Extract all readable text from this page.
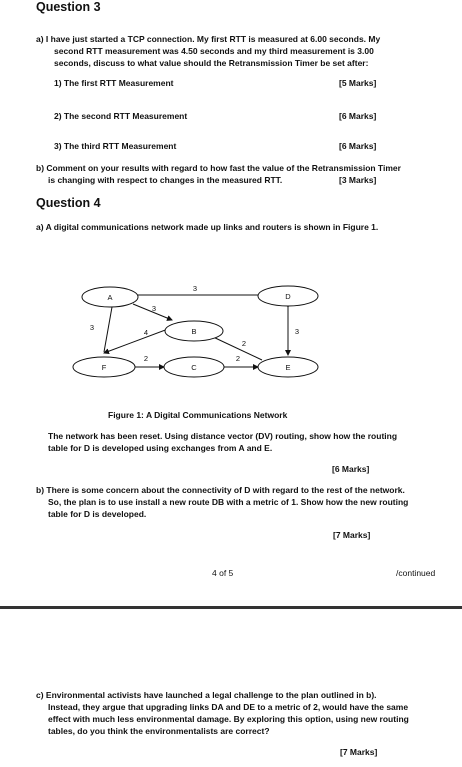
Question 3
a) I have just started a TCP connection. My first RTT is measured at 6.00 seconds. My
second RTT measurement was 4.50 seconds and my third measurement is 3.00
seconds, discuss to what value should the Retransmission Timer be set after:
1) The first RTT Measurement	[5 Marks]
2) The second RTT Measurement	[6 Marks]
3) The third RTT Measurement	[6 Marks]
b) Comment on your results with regard to how fast the value of the Retransmission Timer
is changing with respect to changes in the measured RTT.	[3 Marks]
Question 4
a) A digital communications network made up links and routers is shown in Figure 1.
A	D
B
F	C	E
3
3
3
4
2	2
2
3
Figure 1: A Digital Communications Network
The network has been reset. Using distance vector (DV) routing, show how the routing
table for D is developed using exchanges from A and E.
[6 Marks]
b) There is some concern about the connectivity of D with regard to the rest of the network.
So, the plan is to use install a new route DB with a metric of 1. Show how the new routing
table for D is developed.
[7 Marks]
4 of 5	/continued
c) Environmental activists have launched a legal challenge to the plan outlined in b).
Instead, they argue that upgrading links DA and DE to a metric of 2, would have the same
effect with much less environmental damage. By exploring this option, using new routing
tables, do you think the environmentalists are correct?
[7 Marks]
